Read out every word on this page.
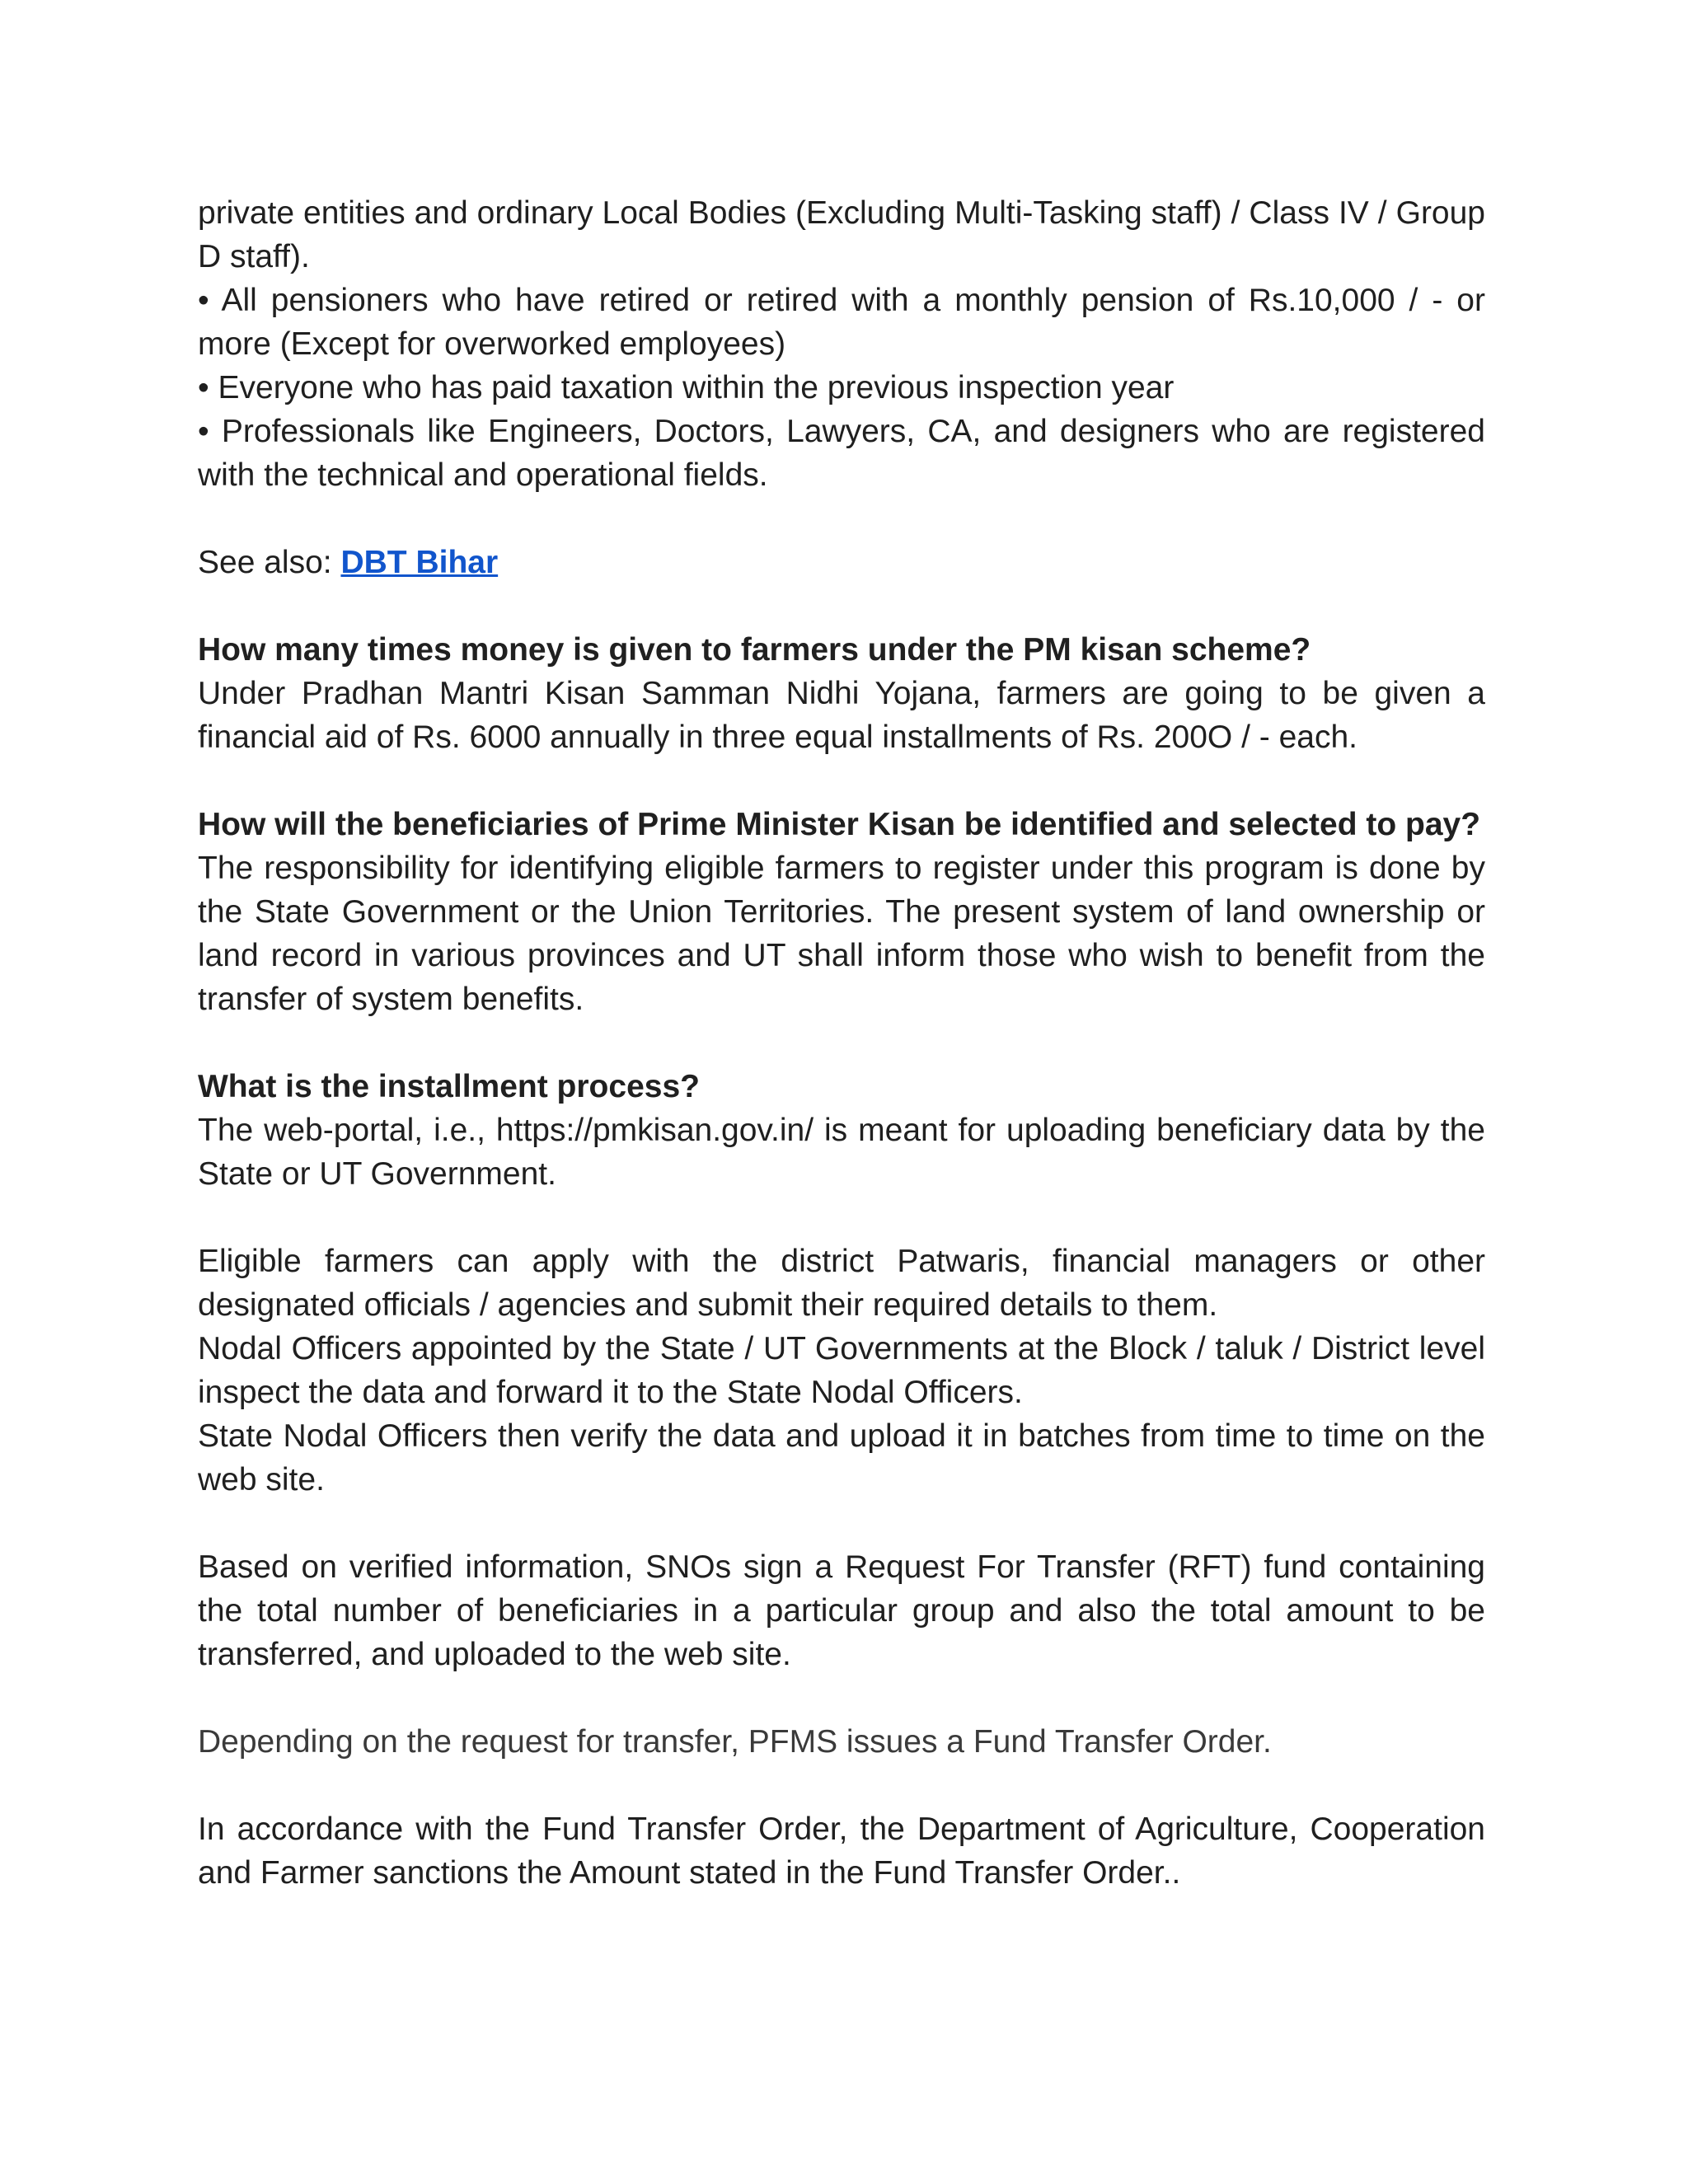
private entities and ordinary Local Bodies (Excluding Multi-Tasking staff) / Class IV / Group D staff).

• All pensioners who have retired or retired with a monthly pension of Rs.10,000 / - or more (Except for overworked employees)

• Everyone who has paid taxation within the previous inspection year

• Professionals like Engineers, Doctors, Lawyers, CA, and designers who are registered with the technical and operational fields.

See also: DBT Bihar

How many times money is given to farmers under the PM kisan scheme?

Under Pradhan Mantri Kisan Samman Nidhi Yojana, farmers are going to be given a financial aid of Rs. 6000 annually in three equal installments of Rs. 200O / - each.

How will the beneficiaries of Prime Minister Kisan be identified and selected to pay?

The responsibility for identifying eligible farmers to register under this program is done by the State Government or the Union Territories. The present system of land ownership or land record in various provinces and UT shall inform those who wish to benefit from the transfer of system benefits.

What is the installment process?

The web-portal, i.e., https://pmkisan.gov.in/ is meant for uploading beneficiary data by the State or UT Government.

Eligible farmers can apply with the district Patwaris, financial managers or other designated officials / agencies and submit their required details to them.

Nodal Officers appointed by the State / UT Governments at the Block / taluk / District level inspect the data and forward it to the State Nodal Officers.

State Nodal Officers then verify the data and upload it in batches from time to time on the web site.

Based on verified information, SNOs sign a Request For Transfer (RFT) fund containing the total number of beneficiaries in a particular group and also the total amount to be transferred, and uploaded to the web site.

Depending on the request for transfer, PFMS issues a Fund Transfer Order.

In accordance with the Fund Transfer Order, the Department of Agriculture, Cooperation and Farmer sanctions the Amount stated in the Fund Transfer Order..
